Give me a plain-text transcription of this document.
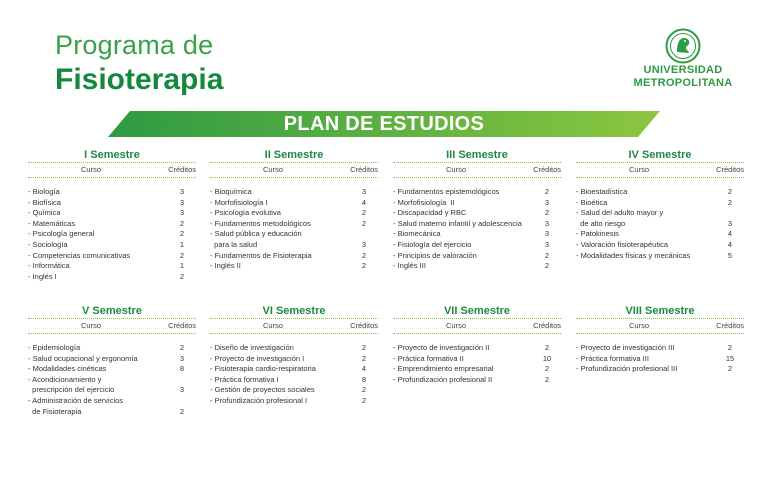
Programa de
Fisioterapia	UNIVERSIDAD
METROPOLITANA
PLAN DE ESTUDIOS
I Semestre
Curso	Créditos
- Biología	3
- Biofísica	3
- Química	3
- Matemáticas	2
- Psicología general	2
- Sociología	1
- Competencias comunicativas	2
- Informática	1
- Inglés I	2
II Semestre
Curso	Créditos
- Bioquímica	3
- Morfofisiología I	4
- Psicología evolutiva	2
- Fundamentos metodológicos	2
- Salud pública y educación
para la salud	3
- Fundamentos de Fisioterapia	2
- Inglés II	2
III Semestre
Curso	Créditos
- Fundamentos epistemológicos	2
- Morfofisiología  II	3
- Discapacidad y RBC	2
- Salud materno infantil y adolescencia	3
- Biomecánica	3
- Fisiología del ejercicio	3
- Principios de valoración	2
- Inglés III	2
IV Semestre
Curso	Créditos
- Bioestadística	2
- Bioética	2
- Salud del adulto mayor y
de alto riesgo	3
- Patokinesis	4
- Valoración fisioterapéutica	4
- Modalidades físicas y mecánicas	5
V Semestre
Curso	Créditos
- Epidemiología	2
- Salud ocupacional y ergonomía	3
- Modalidades cinéticas	8
- Acondicionamiento y
prescripción del ejercicio	3
- Administración de servicios
de Fisioterapia	2
VI Semestre
Curso	Créditos
- Diseño de investigación	2
- Proyecto de investigación I	2
- Fisioterapia cardio-respiratoria	4
- Práctica formativa I	8
- Gestión de proyectos sociales	2
- Profundización profesional I	2
VII Semestre
Curso	Créditos
- Proyecto de investigación II	2
- Práctica formativa II	10
- Emprendimiento empresarial	2
- Profundización profesional II	2
VIII Semestre
Curso	Créditos
- Proyecto de investigación III	2
- Práctica formativa III	15
- Profundización profesional III	2
